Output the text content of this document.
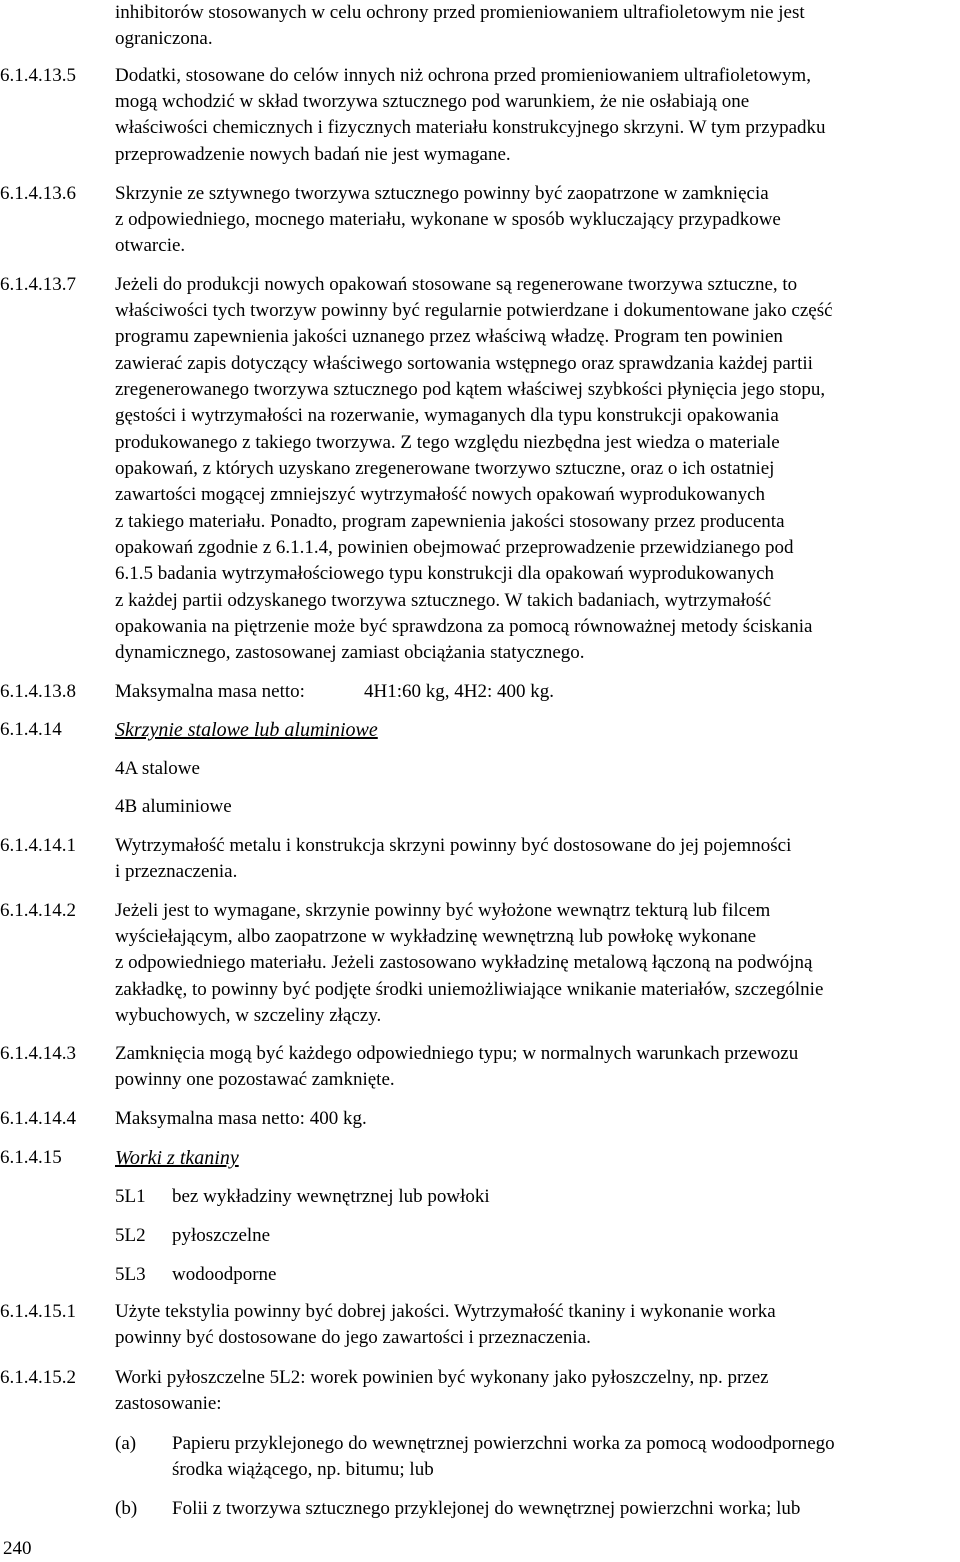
inhibitorów stosowanych w celu ochrony przed promieniowaniem ultrafioletowym nie jest
ograniczona.
6.1.4.13.5	Dodatki, stosowane do celów innych niż ochrona przed promieniowaniem ultrafioletowym,
mogą wchodzić w skład tworzywa sztucznego pod warunkiem, że nie osłabiają one
właściwości chemicznych i fizycznych materiału konstrukcyjnego skrzyni. W tym przypadku
przeprowadzenie nowych badań nie jest wymagane.
6.1.4.13.6	Skrzynie ze sztywnego tworzywa sztucznego powinny być zaopatrzone w zamknięcia
z odpowiedniego, mocnego materiału, wykonane w sposób wykluczający przypadkowe
otwarcie.
6.1.4.13.7	Jeżeli do produkcji nowych opakowań stosowane są regenerowane tworzywa sztuczne, to
właściwości tych tworzyw powinny być regularnie potwierdzane i dokumentowane jako część
programu zapewnienia jakości uznanego przez właściwą władzę. Program ten powinien
zawierać zapis dotyczący właściwego sortowania wstępnego oraz sprawdzania każdej partii
zregenerowanego tworzywa sztucznego pod kątem właściwej szybkości płynięcia jego stopu,
gęstości i wytrzymałości na rozerwanie, wymaganych dla typu konstrukcji opakowania
produkowanego z takiego tworzywa. Z tego względu niezbędna jest wiedza o materiale
opakowań, z których uzyskano zregenerowane tworzywo sztuczne, oraz o ich ostatniej
zawartości mogącej zmniejszyć wytrzymałość nowych opakowań wyprodukowanych
z takiego materiału. Ponadto, program zapewnienia jakości stosowany przez producenta
opakowań zgodnie z 6.1.1.4, powinien obejmować przeprowadzenie przewidzianego pod
6.1.5 badania wytrzymałościowego typu konstrukcji dla opakowań wyprodukowanych
z każdej partii odzyskanego tworzywa sztucznego. W takich badaniach, wytrzymałość
opakowania na piętrzenie może być sprawdzona za pomocą równoważnej metody ściskania
dynamicznego, zastosowanej zamiast obciążania statycznego.
6.1.4.13.8	Maksymalna masa netto:	4H1:60 kg, 4H2: 400 kg.
6.1.4.14	Skrzynie stalowe lub aluminiowe
4A stalowe
4B aluminiowe
6.1.4.14.1	Wytrzymałość metalu i konstrukcja skrzyni powinny być dostosowane do jej pojemności
i przeznaczenia.
6.1.4.14.2	Jeżeli jest to wymagane, skrzynie powinny być wyłożone wewnątrz tekturą lub filcem
wyściełającym, albo zaopatrzone w wykładzinę wewnętrzną lub powłokę wykonane
z odpowiedniego materiału. Jeżeli zastosowano wykładzinę metalową łączoną na podwójną
zakładkę, to powinny być podjęte środki uniemożliwiające wnikanie materiałów, szczególnie
wybuchowych, w szczeliny złączy.
6.1.4.14.3	Zamknięcia mogą być każdego odpowiedniego typu; w normalnych warunkach przewozu
powinny one pozostawać zamknięte.
6.1.4.14.4	Maksymalna masa netto: 400 kg.
6.1.4.15	Worki z tkaniny
5L1	bez wykładziny wewnętrznej lub powłoki
5L2	pyłoszczelne
5L3	wodoodporne
6.1.4.15.1	Użyte tekstylia powinny być dobrej jakości. Wytrzymałość tkaniny i wykonanie worka
powinny być dostosowane do jego zawartości i przeznaczenia.
6.1.4.15.2	Worki pyłoszczelne 5L2: worek powinien być wykonany jako pyłoszczelny, np. przez
zastosowanie:
(a)	Papieru przyklejonego do wewnętrznej powierzchni worka za pomocą wodoodpornego
środka wiążącego, np. bitumu; lub
(b)	Folii z tworzywa sztucznego przyklejonej do wewnętrznej powierzchni worka; lub
240
